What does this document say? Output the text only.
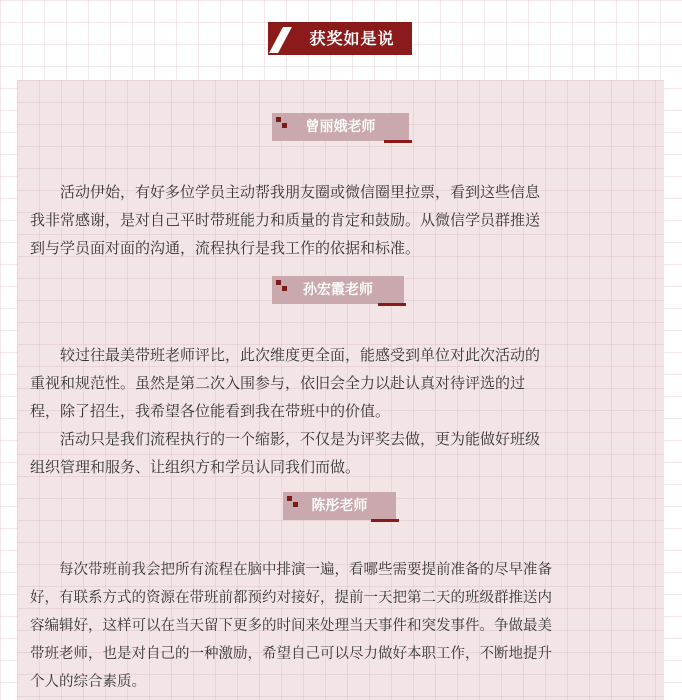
获奖如是说
曾丽娥老师

　　活动伊始，有好多位学员主动帮我朋友圈或微信圈里拉票，看到这些信息
我非常感谢，是对自己平时带班能力和质量的肯定和鼓励。从微信学员群推送
到与学员面对面的沟通，流程执行是我工作的依据和标准。

孙宏霞老师

　　较过往最美带班老师评比，此次维度更全面，能感受到单位对此次活动的
重视和规范性。虽然是第二次入围参与，依旧会全力以赴认真对待评选的过
程，除了招生，我希望各位能看到我在带班中的价值。

　　活动只是我们流程执行的一个缩影，不仅是为评奖去做，更为能做好班级
组织管理和服务、让组织方和学员认同我们而做。

陈彤老师

　　每次带班前我会把所有流程在脑中排演一遍，看哪些需要提前准备的尽早准备
好，有联系方式的资源在带班前都预约对接好，提前一天把第二天的班级群推送内
容编辑好，这样可以在当天留下更多的时间来处理当天事件和突发事件。争做最美
带班老师，也是对自己的一种激励，希望自己可以尽力做好本职工作，不断地提升
个人的综合素质。
